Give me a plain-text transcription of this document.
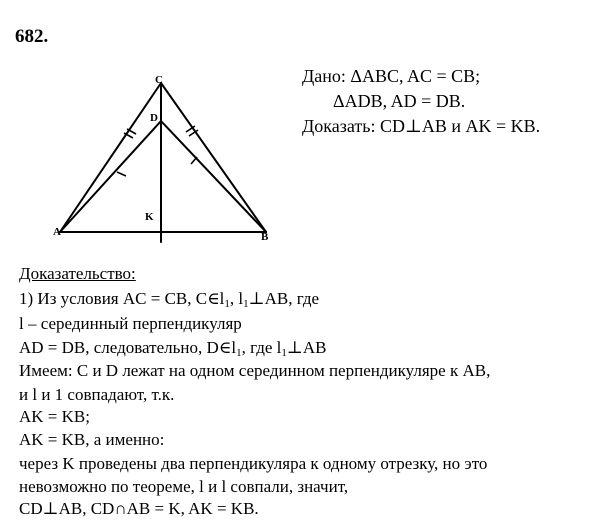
682.
C
D
K
A	B
Дано: ΔABC, AC = CB;
ΔADB, AD = DB.
Доказать: CD⊥AB и AK = KB.
Доказательство:
1) Из условия AC = CB, $C\in l_1$, $l_1\perp AB$, где
l – серединный перпендикуляр
AD = DB, следовательно, $D\in l_1$, где $l_1\perp AB$
Имеем: C и D лежат на одном серединном перпендикуляре к AB,
и l и 1 совпадают, т.к.
AK = KB;
AK = KB, а именно:
через K проведены два перпендикуляра к одному отрезку, но это
невозможно по теореме, l и l совпали, значит,
CD⊥AB, CD∩AB = K, AK = KB.
